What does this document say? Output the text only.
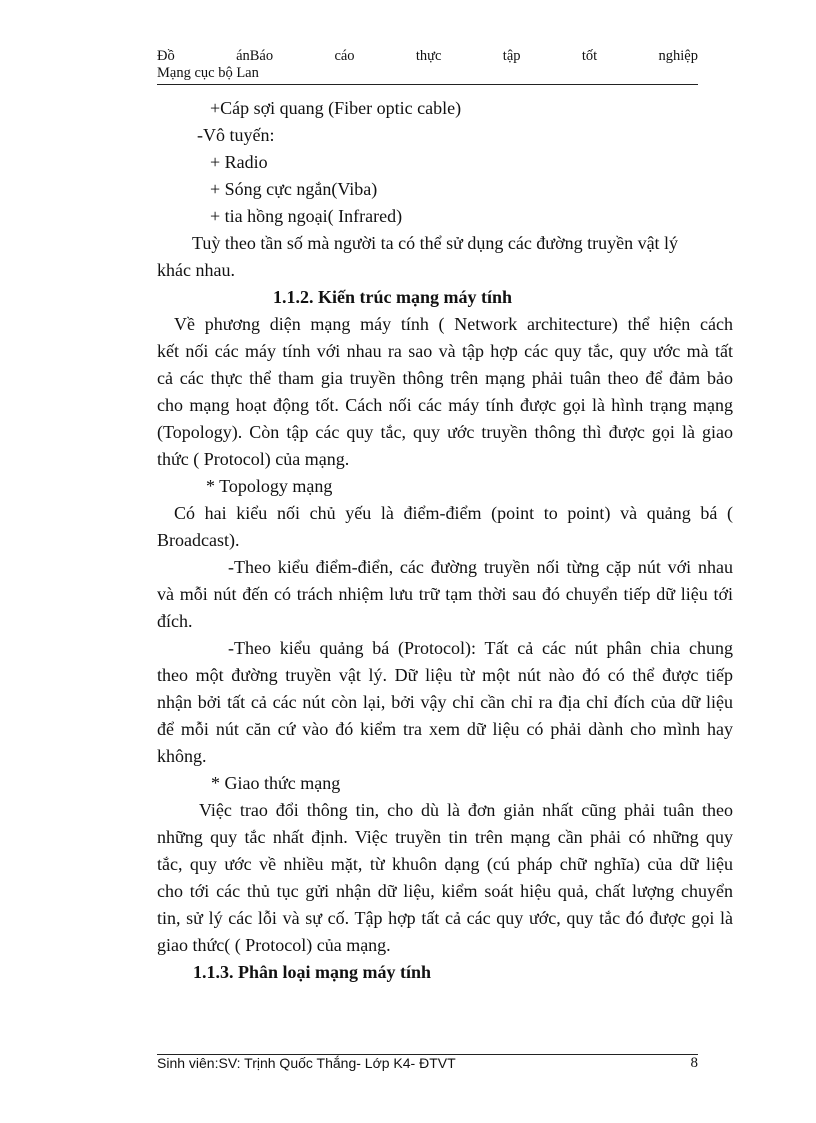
Đồ	ánBáo	cáo	thực	tập	tốt	nghiệp
Mạng cục bộ Lan
+Cáp sợi quang (Fiber optic cable)
-Vô tuyến:
+ Radio
+ Sóng cực ngắn(Viba)
+ tia hồng ngoại( Infrared)
Tuỳ theo tần số mà người ta có thể sử dụng các đường truyền vật lý
khác nhau.
1.1.2. Kiến trúc mạng máy tính
Về phương diện mạng máy tính ( Network architecture) thể hiện cách
kết nối các máy tính với nhau ra sao và tập hợp các quy tắc, quy ước mà tất
cả các thực thể tham gia truyền thông trên mạng phải tuân theo để đảm bảo
cho mạng hoạt động tốt. Cách nối các máy tính được gọi là hình trạng mạng
(Topology). Còn tập các quy tắc, quy ước truyền thông thì được gọi là giao
thức ( Protocol) của mạng.
* Topology mạng
Có hai kiểu nối chủ yếu là điểm-điểm (point to point) và quảng bá (
Broadcast).
-Theo kiểu điểm-điển, các đường truyền nối từng cặp nút với nhau
và mỗi nút đến có trách nhiệm lưu trữ tạm thời sau đó chuyển tiếp dữ liệu tới
đích.
-Theo kiểu quảng bá (Protocol): Tất cả các nút phân chia chung
theo một đường truyền vật lý. Dữ liệu từ một nút nào đó có thể được tiếp
nhận bởi tất cả các nút còn lại, bởi vậy chỉ cần chỉ ra địa chỉ đích của dữ liệu
để mỗi nút căn cứ vào đó kiểm tra xem dữ liệu có phải dành cho mình hay
không.
* Giao thức mạng
Việc trao đổi thông tin, cho dù là đơn giản nhất cũng phải tuân theo
những quy tắc nhất định. Việc truyền tin trên mạng cần phải có những quy
tắc, quy ước về nhiều mặt, từ khuôn dạng (cú pháp chữ nghĩa) của dữ liệu
cho tới các thủ tục gửi nhận dữ liệu, kiểm soát hiệu quả, chất lượng chuyển
tin, sử lý các lỗi và sự cố. Tập hợp tất cả các quy ước, quy tắc đó được gọi là
giao thức( ( Protocol) của mạng.
1.1.3. Phân loại mạng máy tính
Sinh viên:SV: Trịnh Quốc Thắng- Lớp K4- ĐTVT	8
